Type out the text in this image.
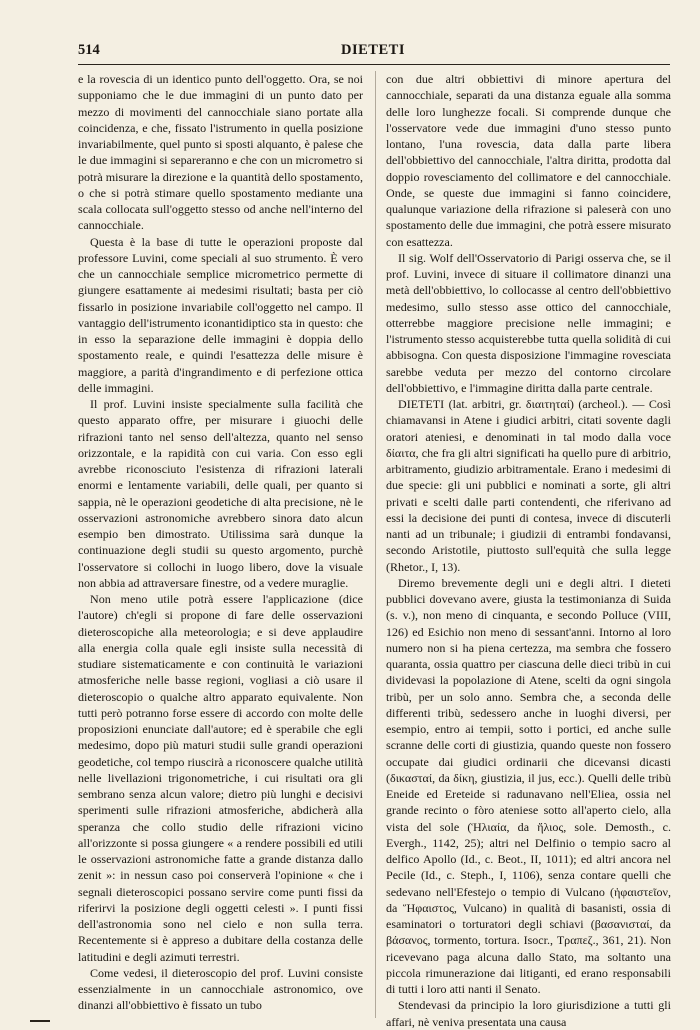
514	DIETETI

e la rovescia di un identico punto dell'oggetto. Ora, se noi supponiamo che le due immagini di un punto dato per mezzo di movimenti del cannocchiale siano portate alla coincidenza, e che, fissato l'istrumento in quella posizione invariabilmente, quel punto si sposti alquanto, è palese che le due immagini si separeranno e che con un micrometro si potrà misurare la direzione e la quantità dello spostamento, o che si potrà stimare quello spostamento mediante una scala collocata sull'oggetto stesso od anche nell'interno del cannocchiale.

Questa è la base di tutte le operazioni proposte dal professore Luvini, come speciali al suo strumento. È vero che un cannocchiale semplice micrometrico permette di giungere esattamente ai medesimi risultati; basta per ciò fissarlo in posizione invariabile coll'oggetto nel campo. Il vantaggio dell'istrumento iconantidiptico sta in questo: che in esso la separazione delle immagini è doppia dello spostamento reale, e quindi l'esattezza delle misure è maggiore, a parità d'ingrandimento e di perfezione ottica delle immagini.

Il prof. Luvini insiste specialmente sulla facilità che questo apparato offre, per misurare i giuochi delle rifrazioni tanto nel senso dell'altezza, quanto nel senso orizzontale, e la rapidità con cui varia. Con esso egli avrebbe riconosciuto l'esistenza di rifrazioni laterali enormi e lentamente variabili, delle quali, per quanto si sappia, nè le operazioni geodetiche di alta precisione, nè le osservazioni astronomiche avrebbero sinora dato alcun esempio ben dimostrato. Utilissima sarà dunque la continuazione degli studii su questo argomento, purchè l'osservatore si collochi in luogo libero, dove la visuale non abbia ad attraversare finestre, od a vedere muraglie.

Non meno utile potrà essere l'applicazione (dice l'autore) ch'egli si propone di fare delle osservazioni dieteroscopiche alla meteorologia; e si deve applaudire alla energia colla quale egli insiste sulla necessità di studiare sistematicamente e con continuità le variazioni atmosferiche nelle basse regioni, vogliasi a ciò usare il dieteroscopio o qualche altro apparato equivalente. Non tutti però potranno forse essere di accordo con molte delle proposizioni enunciate dall'autore; ed è sperabile che egli medesimo, dopo più maturi studii sulle grandi operazioni geodetiche, col tempo riuscirà a riconoscere qualche utilità nelle livellazioni trigonometriche, i cui risultati ora gli sembrano senza alcun valore; dietro più lunghi e decisivi sperimenti sulle rifrazioni atmosferiche, abdicherà alla speranza che collo studio delle rifrazioni vicino all'orizzonte si possa giungere « a rendere possibili ed utili le osservazioni astronomiche fatte a grande distanza dallo zenit »: in nessun caso poi conserverà l'opinione « che i segnali dieteroscopici possano servire come punti fissi da riferirvi la posizione degli oggetti celesti ». I punti fissi dell'astronomia sono nel cielo e non sulla terra. Recentemente si è appreso a dubitare della costanza delle latitudini e degli azimuti terrestri.

Come vedesi, il dieteroscopio del prof. Luvini consiste essenzialmente in un cannocchiale astronomico, ove dinanzi all'obbiettivo è fissato un tubo

con due altri obbiettivi di minore apertura del cannocchiale, separati da una distanza eguale alla somma delle loro lunghezze focali. Si comprende dunque che l'osservatore vede due immagini d'uno stesso punto lontano, l'una rovescia, data dalla parte libera dell'obbiettivo del cannocchiale, l'altra diritta, prodotta dal doppio rovesciamento del collimatore e del cannocchiale. Onde, se queste due immagini si fanno coincidere, qualunque variazione della rifrazione si paleserà con uno spostamento delle due immagini, che potrà essere misurato con esattezza.

Il sig. Wolf dell'Osservatorio di Parigi osserva che, se il prof. Luvini, invece di situare il collimatore dinanzi una metà dell'obbiettivo, lo collocasse al centro dell'obbiettivo medesimo, sullo stesso asse ottico del cannocchiale, otterrebbe maggiore precisione nelle immagini; e l'istrumento stesso acquisterebbe tutta quella solidità di cui abbisogna. Con questa disposizione l'immagine rovesciata sarebbe veduta per mezzo del contorno circolare dell'obbiettivo, e l'immagine diritta dalla parte centrale.

DIETETI (lat. arbitri, gr. διαιτηταί) (archeol.). — Così chiamavansi in Atene i giudici arbitri, citati sovente dagli oratori ateniesi, e denominati in tal modo dalla voce δίαιτα, che fra gli altri significati ha quello pure di arbitrio, arbitramento, giudizio arbitramentale. Erano i medesimi di due specie: gli uni pubblici e nominati a sorte, gli altri privati e scelti dalle parti contendenti, che riferivano ad essi la decisione dei punti di contesa, invece di discuterli nanti ad un tribunale; i giudizii di entrambi fondavansi, secondo Aristotile, piuttosto sull'equità che sulla legge (Rhetor., I, 13).

Diremo brevemente degli uni e degli altri. I dieteti pubblici dovevano avere, giusta la testimonianza di Suida (s. v.), non meno di cinquanta, e secondo Polluce (VIII, 126) ed Esichio non meno di sessant'anni. Intorno al loro numero non si ha piena certezza, ma sembra che fossero quaranta, ossia quattro per ciascuna delle dieci tribù in cui dividevasi la popolazione di Atene, scelti da ogni singola tribù, per un solo anno. Sembra che, a seconda delle differenti tribù, sedessero anche in luoghi diversi, per esempio, entro ai tempii, sotto i portici, ed anche sulle scranne delle corti di giustizia, quando queste non fossero occupate dai giudici ordinarii che dicevansi dicasti (δικασταί, da δίκη, giustizia, il jus, ecc.). Quelli delle tribù Eneide ed Ereteide si radunavano nell'Eliea, ossia nel grande recinto o fòro ateniese sotto all'aperto cielo, alla vista del sole (Ἡλιαία, da ἥλιος, sole. Demosth., c. Evergh., 1142, 25); altri nel Delfinio o tempio sacro al delfico Apollo (Id., c. Beot., II, 1011); ed altri ancora nel Pecile (Id., c. Steph., I, 1106), senza contare quelli che sedevano nell'Efestejo o tempio di Vulcano (ἡφαιστεῖον, da Ἥφαιστος, Vulcano) in qualità di basanisti, ossia di esaminatori o torturatori degli schiavi (βασανισταί, da βάσανος, tormento, tortura. Isocr., Τραπεζ., 361, 21). Non ricevevano paga alcuna dallo Stato, ma soltanto una piccola rimunerazione dai litiganti, ed erano responsabili di tutti i loro atti nanti il Senato.

Stendevasi da principio la loro giurisdizione a tutti gli affari, nè veniva presentata una causa
